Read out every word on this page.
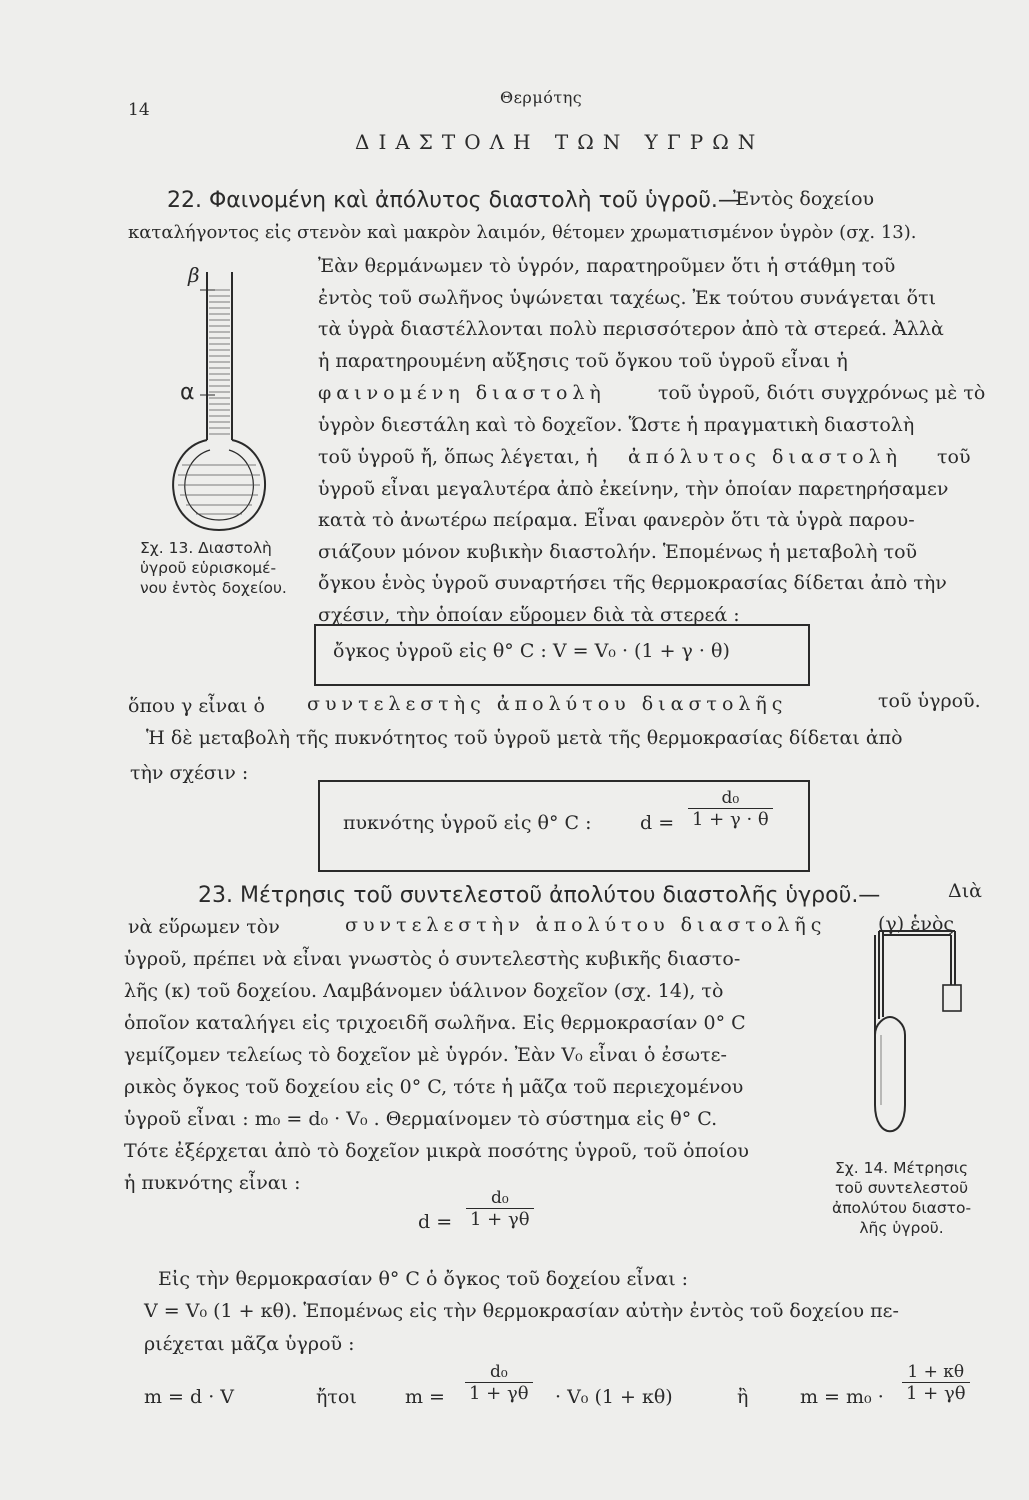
14
Θερμότης
ΔΙΑΣΤΟΛΗ ΤΩΝ ΥΓΡΩΝ
22. Φαινομένη καὶ ἀπόλυτος διαστολὴ τοῦ ὑγροῦ.—
Ἐντὸς δοχείου
καταλήγοντος εἰς στενὸν καὶ μακρὸν λαιμόν, θέτομεν χρωματισμένον ὑγρὸν (σχ. 13).
Ἐὰν θερμάνωμεν τὸ ὑγρόν, παρατηροῦμεν ὅτι ἡ στάθμη τοῦ
ἐντὸς τοῦ σωλῆνος ὑψώνεται ταχέως. Ἐκ τούτου συνάγεται ὅτι
τὰ ὑγρὰ διαστέλλονται πολὺ περισσότερον ἀπὸ τὰ στερεά. Ἀλλὰ
ἡ παρατηρουμένη αὔξησις τοῦ ὄγκου τοῦ ὑγροῦ εἶναι ἡ
φαινομένη διαστολὴ	τοῦ ὑγροῦ, διότι συγχρόνως μὲ τὸ
ὑγρὸν διεστάλη καὶ τὸ δοχεῖον. Ὥστε ἡ πραγματικὴ διαστολὴ
τοῦ ὑγροῦ ἤ, ὅπως λέγεται, ἡ ἀπόλυτος διαστολὴ τοῦ
ὑγροῦ εἶναι μεγαλυτέρα ἀπὸ ἐκείνην, τὴν ὁποίαν παρετηρήσαμεν
κατὰ τὸ ἀνωτέρω πείραμα. Εἶναι φανερὸν ὅτι τὰ ὑγρὰ παρου-
σιάζουν μόνον κυβικὴν διαστολήν. Ἑπομένως ἡ μεταβολὴ τοῦ
ὄγκου ἑνὸς ὑγροῦ συναρτήσει τῆς θερμοκρασίας δίδεται ἀπὸ τὴν
σχέσιν, τὴν ὁποίαν εὕρομεν διὰ τὰ στερεά :
β
α
Σχ. 13. Διαστολὴ
ὑγροῦ εὑρισκομέ-
νου ἐντὸς δοχείου.
ὄγκος ὑγροῦ εἰς θ° C : V = V₀ · (1 + γ · θ)
ὅπου γ εἶναι ὁ συντελεστὴς ἀπολύτου διαστολῆς	τοῦ ὑγροῦ.
Ἡ δὲ μεταβολὴ τῆς πυκνότητος τοῦ ὑγροῦ μετὰ τῆς θερμοκρασίας δίδεται ἀπὸ
τὴν σχέσιν :
πυκνότης ὑγροῦ εἰς θ° C :	$d = \frac{\text{d₀}}{1 + \gamma \cdot \theta}$
23. Μέτρησις τοῦ συντελεστοῦ ἀπολύτου διαστολῆς ὑγροῦ.—	Διὰ
νὰ εὕρωμεν τὸν	συντελεστὴν ἀπολύτου διαστολῆς	(γ) ἑνὸς
ὑγροῦ, πρέπει νὰ εἶναι γνωστὸς ὁ συντελεστὴς κυβικῆς διαστο-
λῆς (κ) τοῦ δοχείου. Λαμβάνομεν ὑάλινον δοχεῖον (σχ. 14), τὸ
ὁποῖον καταλήγει εἰς τριχοειδῆ σωλῆνα. Εἰς θερμοκρασίαν 0° C
γεμίζομεν τελείως τὸ δοχεῖον μὲ ὑγρόν. Ἐὰν V₀ εἶναι ὁ ἐσωτε-
ρικὸς ὄγκος τοῦ δοχείου εἰς 0° C, τότε ἡ μᾶζα τοῦ περιεχομένου
ὑγροῦ εἶναι : m₀ = d₀ · V₀ . Θερμαίνομεν τὸ σύστημα εἰς θ° C.
Τότε ἐξέρχεται ἀπὸ τὸ δοχεῖον μικρὰ ποσότης ὑγροῦ, τοῦ ὁποίου
ἡ πυκνότης εἶναι :
$d = \frac{\text{d₀}}{1 + \gamma\theta}$
Σχ. 14. Μέτρησις
τοῦ συντελεστοῦ
ἀπολύτου διαστο-
λῆς ὑγροῦ.
Εἰς τὴν θερμοκρασίαν θ° C ὁ ὄγκος τοῦ δοχείου εἶναι :
V = V₀ (1 + κθ). Ἑπομένως εἰς τὴν θερμοκρασίαν αὐτὴν ἐντὸς τοῦ δοχείου πε-
ριέχεται μᾶζα ὑγροῦ :
m = d · V	ἤτοι	$m = \frac{\text{d₀}}{1 + \gamma\theta} \cdot V_0$ (1 + κθ)	ἢ	$m = m_0 \cdot \frac{1 + \kappa\theta}{1 + \gamma\theta}$
